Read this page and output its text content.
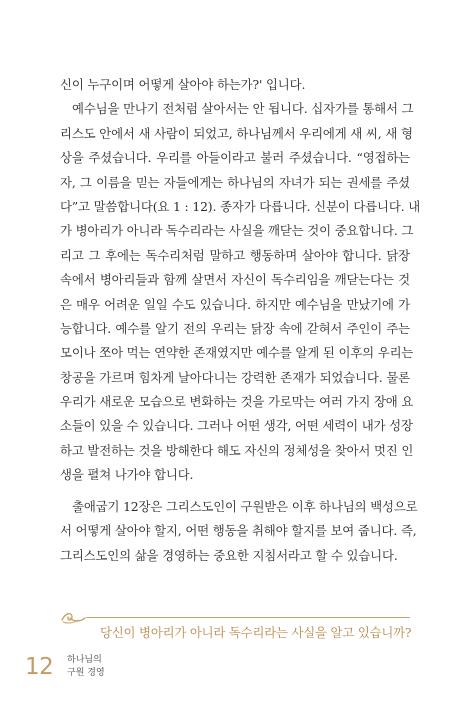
신이 누구이며 어떻게 살아야 하는가?' 입니다.
예수님을 만나기 전처럼 살아서는 안 됩니다. 십자가를 통해서 그
리스도 안에서 새 사람이 되었고, 하나님께서 우리에게 새 씨, 새 형
상을 주셨습니다. 우리를 아들이라고 불러 주셨습니다. “영접하는
자, 그 이름을 믿는 자들에게는 하나님의 자녀가 되는 권세를 주셨
다”고 말씀합니다(요 1 : 12). 종자가 다릅니다. 신분이 다릅니다. 내
가 병아리가 아니라 독수리라는 사실을 깨닫는 것이 중요합니다. 그
리고 그 후에는 독수리처럼 말하고 행동하며 살아야 합니다. 닭장
속에서 병아리들과 함께 살면서 자신이 독수리임을 깨닫는다는 것
은 매우 어려운 일일 수도 있습니다. 하지만 예수님을 만났기에 가
능합니다. 예수를 알기 전의 우리는 닭장 속에 갇혀서 주인이 주는
모이나 쪼아 먹는 연약한 존재였지만 예수를 알게 된 이후의 우리는
창공을 가르며 힘차게 날아다니는 강력한 존재가 되었습니다. 물론
우리가 새로운 모습으로 변화하는 것을 가로막는 여러 가지 장애 요
소들이 있을 수 있습니다. 그러나 어떤 생각, 어떤 세력이 내가 성장
하고 발전하는 것을 방해한다 해도 자신의 정체성을 찾아서 멋진 인
생을 펼쳐 나가야 합니다.
출애굽기 12장은 그리스도인이 구원받은 이후 하나님의 백성으로
서 어떻게 살아야 할지, 어떤 행동을 취해야 할지를 보여 줍니다. 즉,
그리스도인의 삶을 경영하는 중요한 지침서라고 할 수 있습니다.
당신이 병아리가 아니라 독수리라는 사실을 알고 있습니까?
12 하나님의
구원 경영
